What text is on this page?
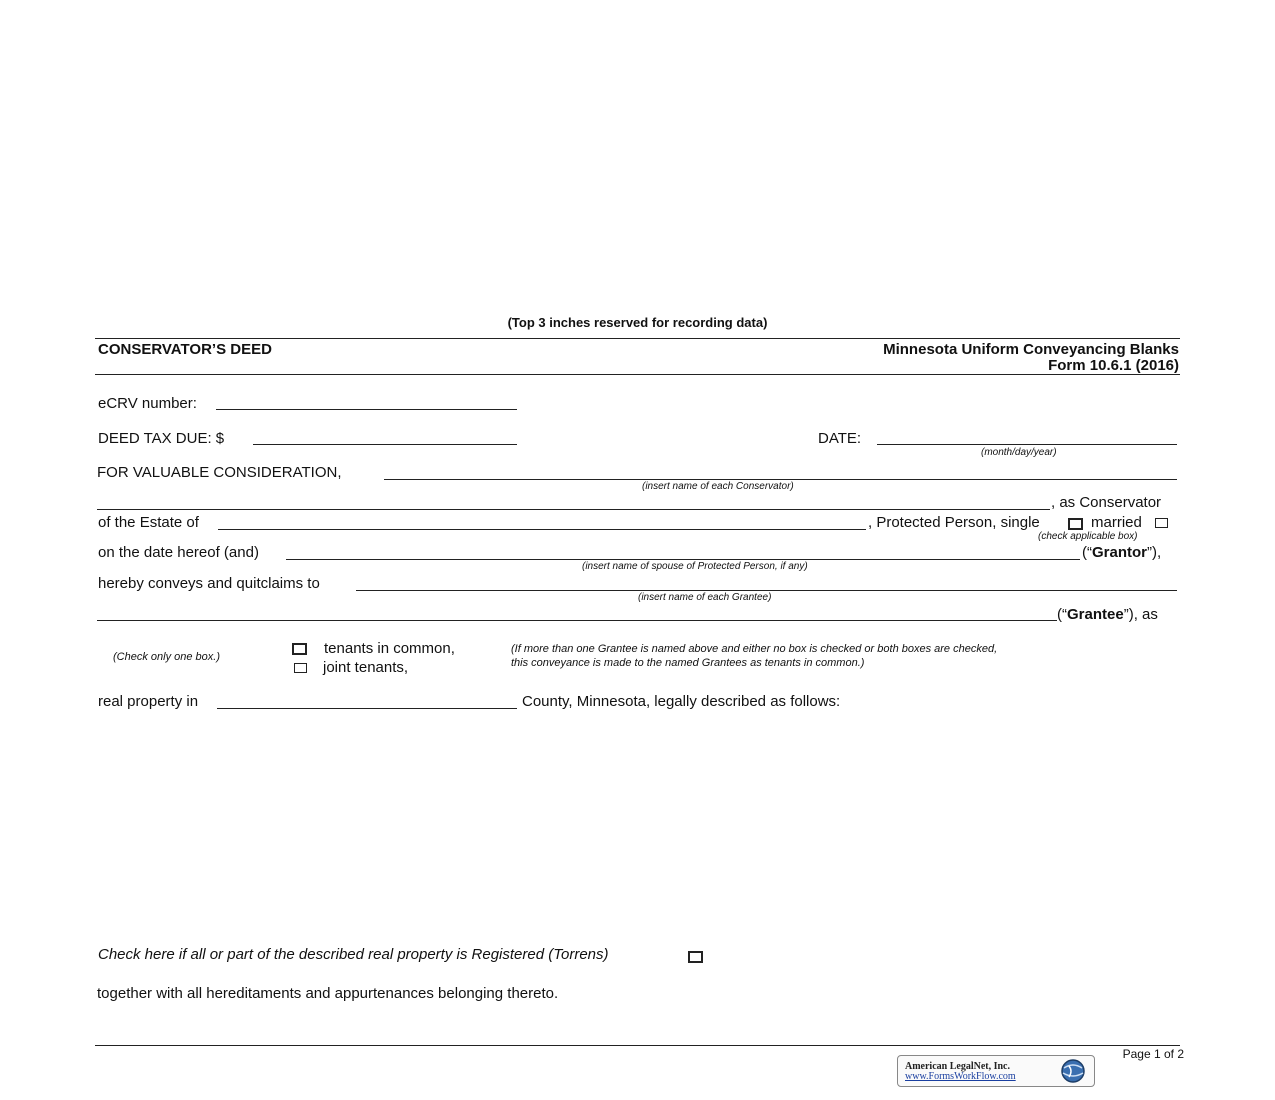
(Top 3 inches reserved for recording data)
CONSERVATOR’S DEED	Minnesota Uniform Conveyancing Blanks
Form 10.6.1 (2016)
eCRV number:
DEED TAX DUE: $	DATE:
(month/day/year)
FOR VALUABLE CONSIDERATION,
(insert name of each Conservator)
, as Conservator
of the Estate of	, Protected Person, single	married
(check applicable box)
on the date hereof (and)	(“Grantor”),
(insert name of spouse of Protected Person, if any)
hereby conveys and quitclaims to
(insert name of each Grantee)
(“Grantee”), as
(Check only one box.)	tenants in common,
joint tenants,
(If more than one Grantee is named above and either no box is checked or both boxes are checked,
this conveyance is made to the named Grantees as tenants in common.)
real property in	County, Minnesota, legally described as follows:
Check here if all or part of the described real property is Registered (Torrens)
together with all hereditaments and appurtenances belonging thereto.
Page 1 of 2
American LegalNet, Inc.
www.FormsWorkFlow.com
